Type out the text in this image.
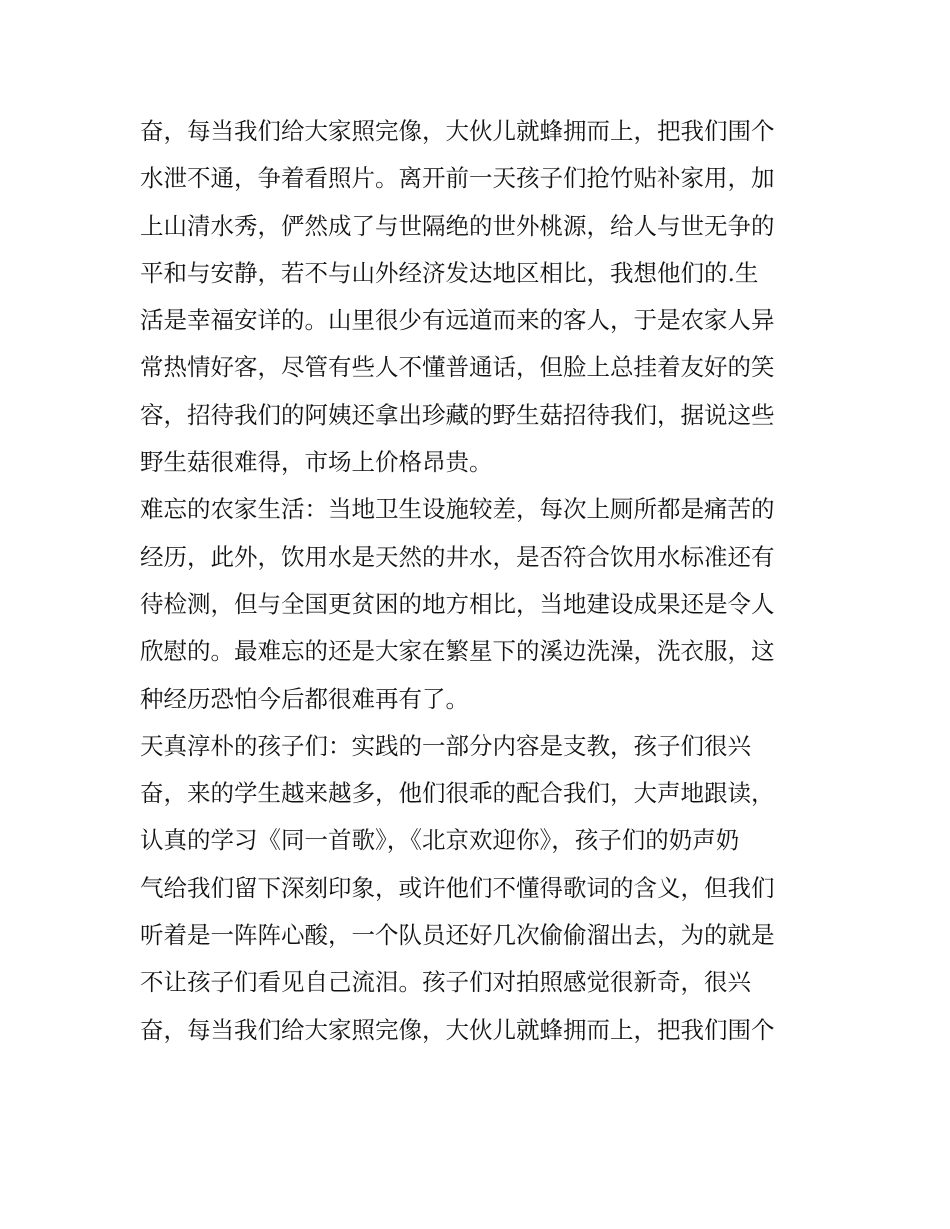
奋，每当我们给大家照完像，大伙儿就蜂拥而上，把我们围个
水泄不通，争着看照片。离开前一天孩子们抢竹贴补家用，加
上山清水秀，俨然成了与世隔绝的世外桃源，给人与世无争的
平和与安静，若不与山外经济发达地区相比，我想他们的.生
活是幸福安详的。山里很少有远道而来的客人，于是农家人异
常热情好客，尽管有些人不懂普通话，但脸上总挂着友好的笑
容，招待我们的阿姨还拿出珍藏的野生菇招待我们，据说这些
野生菇很难得，市场上价格昂贵。
难忘的农家生活：当地卫生设施较差，每次上厕所都是痛苦的
经历，此外，饮用水是天然的井水，是否符合饮用水标准还有
待检测，但与全国更贫困的地方相比，当地建设成果还是令人
欣慰的。最难忘的还是大家在繁星下的溪边洗澡，洗衣服，这
种经历恐怕今后都很难再有了。
天真淳朴的孩子们：实践的一部分内容是支教，孩子们很兴
奋，来的学生越来越多，他们很乖的配合我们，大声地跟读，
认真的学习《同一首歌》，《北京欢迎你》，孩子们的奶声奶
气给我们留下深刻印象，或许他们不懂得歌词的含义，但我们
听着是一阵阵心酸，一个队员还好几次偷偷溜出去，为的就是
不让孩子们看见自己流泪。孩子们对拍照感觉很新奇，很兴
奋，每当我们给大家照完像，大伙儿就蜂拥而上，把我们围个
